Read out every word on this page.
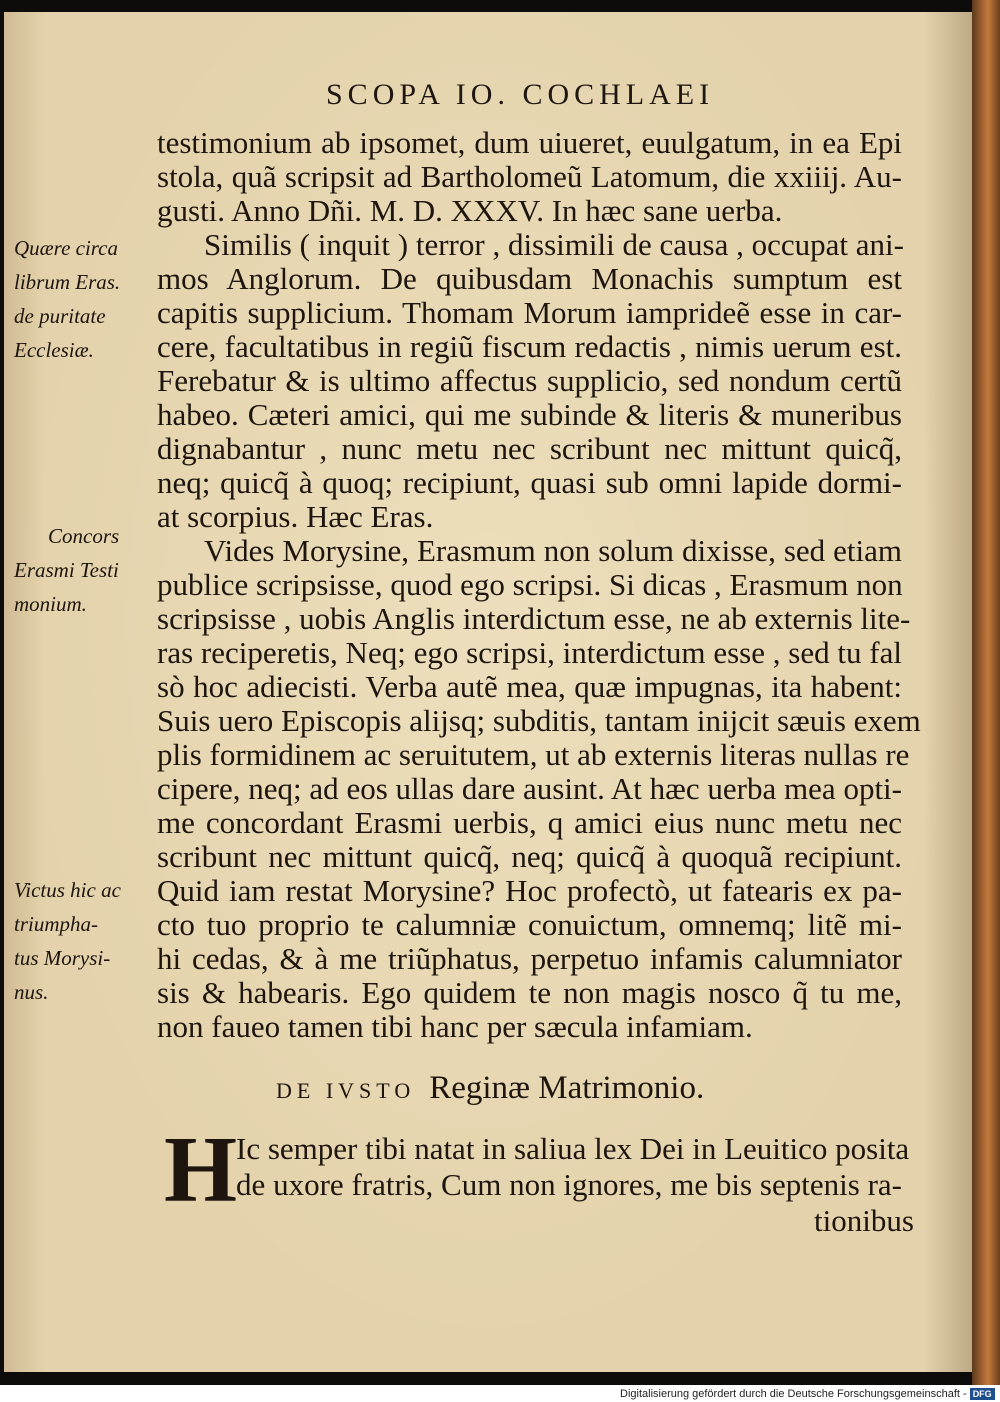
SCOPA IO. COCHLAEI
testimonium ab ipsomet, dum uiueret, euulgatum, in ea Epi
stola, quã scripsit ad Bartholomeũ Latomum, die xxiiij. Au-
gusti. Anno Dñi. M. D. XXXV. In hæc sane uerba.
Similis ( inquit ) terror , dissimili de causa , occupat ani-
mos Anglorum. De quibusdam Monachis sumptum est
capitis supplicium. Thomam Morum iamprideẽ esse in car-
cere, facultatibus in regiũ fiscum redactis , nimis uerum est.
Ferebatur & is ultimo affectus supplicio, sed nondum certũ
habeo. Cæteri amici, qui me subinde & literis & muneribus
dignabantur , nunc metu nec scribunt nec mittunt quicq̃,
neq; quicq̃ à quoq; recipiunt, quasi sub omni lapide dormi-
at scorpius. Hæc Eras.
Vides Morysine, Erasmum non solum dixisse, sed etiam
publice scripsisse, quod ego scripsi. Si dicas , Erasmum non
scripsisse , uobis Anglis interdictum esse, ne ab externis lite-
ras reciperetis, Neq; ego scripsi, interdictum esse , sed tu fal
sò hoc adiecisti. Verba autẽ mea, quæ impugnas, ita habent:
Suis uero Episcopis alijsq; subditis, tantam inijcit sæuis exem
plis formidinem ac seruitutem, ut ab externis literas nullas re
cipere, neq; ad eos ullas dare ausint. At hæc uerba mea opti-
me concordant Erasmi uerbis, q amici eius nunc metu nec
scribunt nec mittunt quicq̃, neq; quicq̃ à quoquã recipiunt.
Quid iam restat Morysine? Hoc profectò, ut fatearis ex pa-
cto tuo proprio te calumniæ conuictum, omnemq; litẽ mi-
hi cedas, & à me triũphatus, perpetuo infamis calumniator
sis & habearis. Ego quidem te non magis nosco q̃ tu me,
non faueo tamen tibi hanc per sæcula infamiam.
Quære circa
librum Eras.
de puritate
Ecclesiæ.
Concors
Erasmi Testi
monium.
Victus hic ac
triumpha-
tus Morysi-
nus.
DE IVSTO Reginæ Matrimonio.
H
Ic semper tibi natat in saliua lex Dei in Leuitico posita
de uxore fratris, Cum non ignores, me bis septenis ra-
tionibus
Digitalisierung gefördert durch die Deutsche Forschungsgemeinschaft - DFG
